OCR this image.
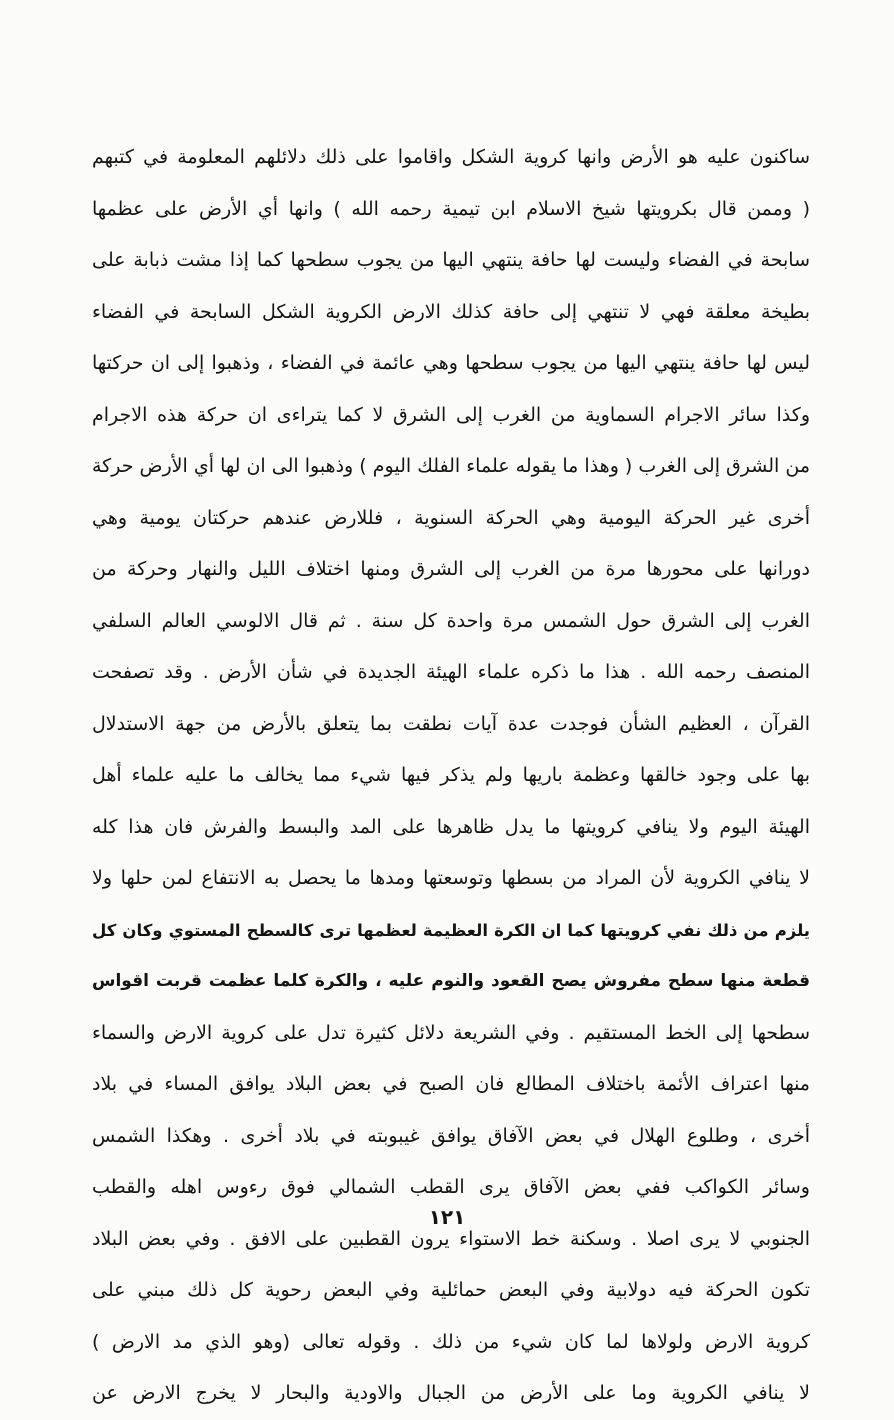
ساكنون عليه هو الأرض وانها كروية الشكل واقاموا على ذلك دلائلهم المعلومة في كتبهم
( وممن قال بكرويتها شيخ الاسلام ابن تيمية رحمه الله ) وانها أي الأرض على عظمها
سابحة في الفضاء وليست لها حافة ينتهي اليها من يجوب سطحها كما إذا مشت ذبابة على
بطيخة معلقة فهي لا تنتهي إلى حافة كذلك الارض الكروية الشكل السابحة في الفضاء
ليس لها حافة ينتهي اليها من يجوب سطحها وهي عائمة في الفضاء ، وذهبوا إلى ان حركتها
وكذا سائر الاجرام السماوية من الغرب إلى الشرق لا كما يتراءى ان حركة هذه الاجرام
من الشرق إلى الغرب ( وهذا ما يقوله علماء الفلك اليوم ) وذهبوا الى ان لها أي الأرض حركة
أخرى غير الحركة اليومية وهي الحركة السنوية ، فللارض عندهم حركتان يومية وهي
دورانها على محورها مرة من الغرب إلى الشرق ومنها اختلاف الليل والنهار وحركة من
الغرب إلى الشرق حول الشمس مرة واحدة كل سنة . ثم قال الالوسي العالم السلفي
المنصف رحمه الله . هذا ما ذكره علماء الهيئة الجديدة في شأن الأرض . وقد تصفحت
القرآن ، العظيم الشأن فوجدت عدة آيات نطقت بما يتعلق بالأرض من جهة الاستدلال
بها على وجود خالقها وعظمة باريها ولم يذكر فيها شيء مما يخالف ما عليه علماء أهل
الهيئة اليوم ولا ينافي كرويتها ما يدل ظاهرها على المد والبسط والفرش فان هذا كله
لا ينافي الكروية لأن المراد من بسطها وتوسعتها ومدها ما يحصل به الانتفاع لمن حلها ولا
يلزم من ذلك نفي كرويتها كما ان الكرة العظيمة لعظمها ترى كالسطح المستوي وكان كل
قطعة منها سطح مفروش يصح القعود والنوم عليه ، والكرة كلما عظمت قربت اقواس
سطحها إلى الخط المستقيم . وفي الشريعة دلائل كثيرة تدل على كروية الارض والسماء
منها اعتراف الأئمة باختلاف المطالع فان الصبح في بعض البلاد يوافق المساء في بلاد
أخرى ، وطلوع الهلال في بعض الآفاق يوافق غيبوبته في بلاد أخرى . وهكذا الشمس
وسائر الكواكب ففي بعض الآفاق يرى القطب الشمالي فوق رءوس اهله والقطب
الجنوبي لا يرى اصلا . وسكنة خط الاستواء يرون القطبين على الافق . وفي بعض البلاد
تكون الحركة فيه دولابية وفي البعض حمائلية وفي البعض رحوية كل ذلك مبني على
كروية الارض ولولاها لما كان شيء من ذلك . وقوله تعالى (وهو الذي مد الارض )
لا ينافي الكروية وما على الأرض من الجبال والاودية والبحار لا يخرج الارض عن
١٢١
